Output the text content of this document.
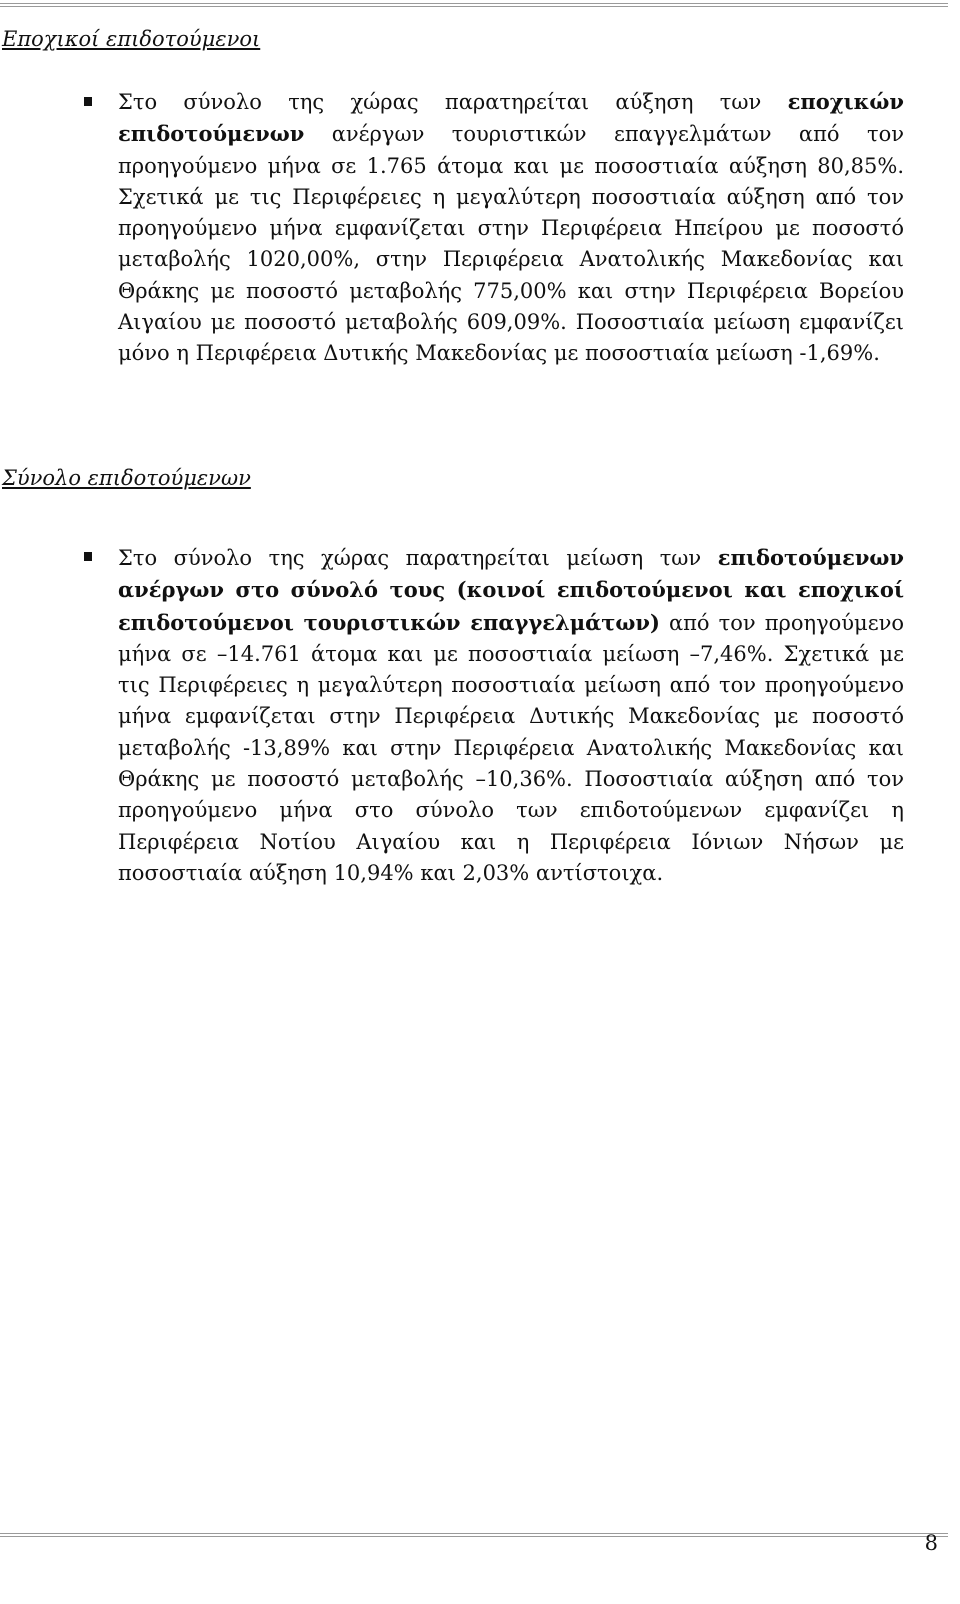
Εποχικοί επιδοτούμενοι

Στο σύνολο της χώρας παρατηρείται αύξηση των εποχικών επιδοτούμενων ανέργων τουριστικών επαγγελμάτων από τον προηγούμενο μήνα σε 1.765 άτομα και με ποσοστιαία αύξηση 80,85%. Σχετικά με τις Περιφέρειες η μεγαλύτερη ποσοστιαία αύξηση από τον προηγούμενο μήνα εμφανίζεται στην Περιφέρεια Ηπείρου με ποσοστό μεταβολής 1020,00%, στην Περιφέρεια Ανατολικής Μακεδονίας και Θράκης με ποσοστό μεταβολής 775,00% και στην Περιφέρεια Βορείου Αιγαίου με ποσοστό μεταβολής 609,09%. Ποσοστιαία μείωση εμφανίζει μόνο η Περιφέρεια Δυτικής Μακεδονίας με ποσοστιαία μείωση -1,69%.

Σύνολο επιδοτούμενων

Στο σύνολο της χώρας παρατηρείται μείωση των επιδοτούμενων ανέργων στο σύνολό τους (κοινοί επιδοτούμενοι και εποχικοί επιδοτούμενοι τουριστικών επαγγελμάτων) από τον προηγούμενο μήνα σε –14.761 άτομα και με ποσοστιαία μείωση –7,46%. Σχετικά με τις Περιφέρειες η μεγαλύτερη ποσοστιαία μείωση από τον προηγούμενο μήνα εμφανίζεται στην Περιφέρεια Δυτικής Μακεδονίας με ποσοστό μεταβολής -13,89% και στην Περιφέρεια Ανατολικής Μακεδονίας και Θράκης με ποσοστό μεταβολής –10,36%. Ποσοστιαία αύξηση από τον προηγούμενο μήνα στο σύνολο των επιδοτούμενων εμφανίζει η Περιφέρεια Νοτίου Αιγαίου και η Περιφέρεια Ιόνιων Νήσων με ποσοστιαία αύξηση 10,94% και 2,03% αντίστοιχα.

8
